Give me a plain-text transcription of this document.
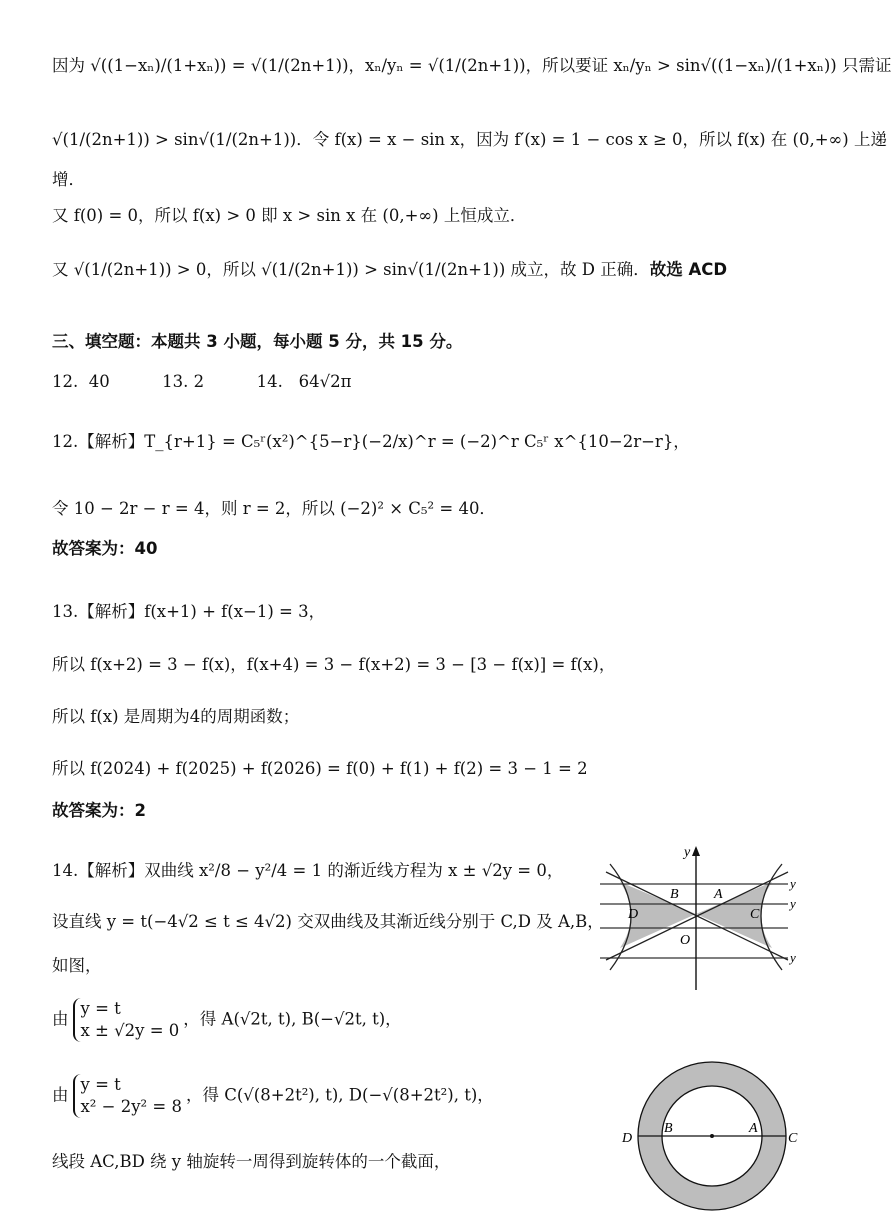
因为 √((1−xₙ)/(1+xₙ)) = √(1/(2n+1))，xₙ/yₙ = √(1/(2n+1))，所以要证 xₙ/yₙ > sin√((1−xₙ)/(1+xₙ)) 只需证
√(1/(2n+1)) > sin√(1/(2n+1))．令 f(x) = x − sin x，因为 f′(x) = 1 − cos x ≥ 0，所以 f(x) 在 (0,+∞) 上递
增．
又 f(0) = 0，所以 f(x) > 0 即 x > sin x 在 (0,+∞) 上恒成立．
又 √(1/(2n+1)) > 0，所以 √(1/(2n+1)) > sin√(1/(2n+1)) 成立，故 D 正确．故选 ACD
三、填空题：本题共 3 小题，每小题 5 分，共 15 分。
12.  40          13. 2          14.   64√2π
12.【解析】T_{r+1} = C₅ʳ(x²)^{5−r}(−2/x)^r = (−2)^r C₅ʳ x^{10−2r−r}，
令 10 − 2r − r = 4，则 r = 2，所以 (−2)² × C₅² = 40．
故答案为：40
13.【解析】f(x+1) + f(x−1) = 3，
所以 f(x+2) = 3 − f(x)，f(x+4) = 3 − f(x+2) = 3 − [3 − f(x)] = f(x)，
所以 f(x) 是周期为4的周期函数；
所以 f(2024) + f(2025) + f(2026) = f(0) + f(1) + f(2) = 3 − 1 = 2
故答案为：2
14.【解析】双曲线 x²/8 − y²/4 = 1 的渐近线方程为 x ± √2y = 0，
设直线 y = t(−4√2 ≤ t ≤ 4√2) 交双曲线及其渐近线分别于 C,D 及 A,B，
如图，
由
y = t
x ± √2y = 0
，得 A(√2t, t), B(−√2t, t)，
由
y = t
x² − 2y² = 8
，得 C(√(8+2t²), t), D(−√(8+2t²), t)，
线段 AC,BD 绕 y 轴旋转一周得到旋转体的一个截面，
y
B	A
D	C
O
y
y
y
D
B	A
C
